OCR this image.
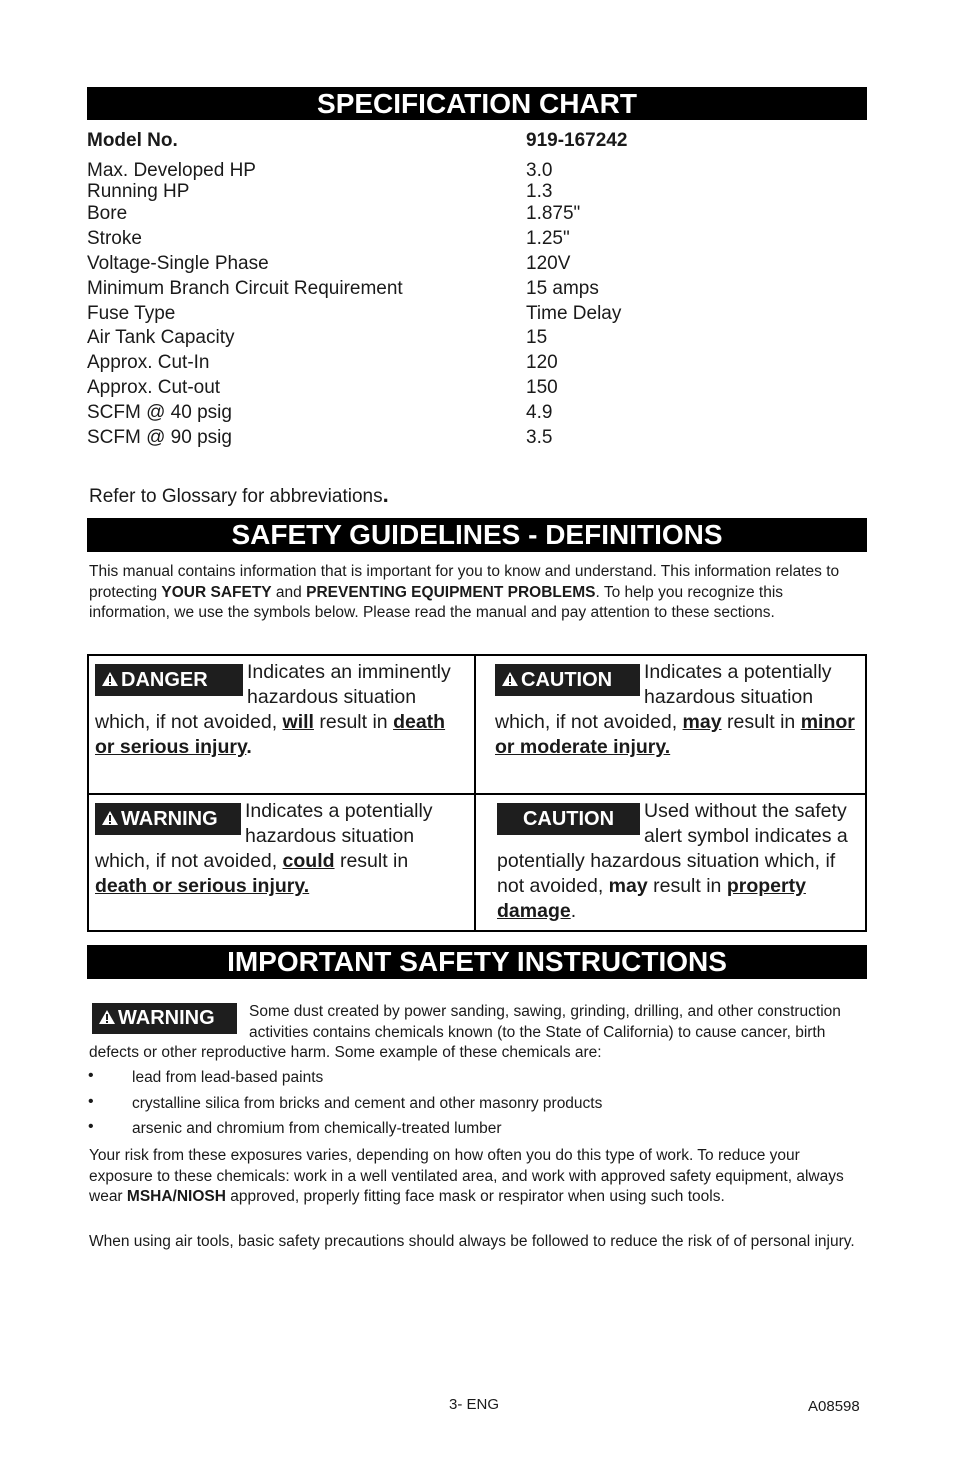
SPECIFICATION CHART
Model No.	919-167242
Max. Developed HP	3.0
Running HP	1.3
Bore	1.875"
Stroke	1.25"
Voltage-Single Phase	120V
Minimum Branch Circuit Requirement	15 amps
Fuse Type	Time Delay
Air Tank Capacity	15
Approx. Cut-In	120
Approx. Cut-out	150
SCFM @ 40 psig	4.9
SCFM @ 90 psig	3.5
Refer to Glossary for abbreviations.
SAFETY GUIDELINES - DEFINITIONS
This manual contains information that is important for you to know and understand. This information relates to protecting YOUR SAFETY and PREVENTING EQUIPMENT PROBLEMS. To help you recognize this information, we use the symbols below. Please read the manual and pay attention to these sections.
DANGER	Indicates an imminently hazardous situation which, if not avoided, will result in death or serious injury.
CAUTION	Indicates a potentially hazardous situation which, if not avoided, may result in minor or moderate injury.
WARNING	Indicates a potentially hazardous situation which, if not avoided, could result in death or serious injury.
CAUTION	Used without the safety alert symbol indicates a potentially hazardous situation which, if not avoided, may result in property damage.
IMPORTANT SAFETY INSTRUCTIONS
WARNING	Some dust created by power sanding, sawing, grinding, drilling, and other construction activities contains chemicals known (to the State of California) to cause cancer, birth defects or other reproductive harm. Some example of these chemicals are:
• lead from lead-based paints
• crystalline silica from bricks and cement and other masonry products
• arsenic and chromium from chemically-treated lumber
Your risk from these exposures varies, depending on how often you do this type of work. To reduce your exposure to these chemicals: work in a well ventilated area, and work with approved safety equipment, always wear MSHA/NIOSH approved, properly fitting face mask or respirator when using such tools.
When using air tools, basic safety precautions should always be followed to reduce the risk of of personal injury.
3- ENG	A08598
